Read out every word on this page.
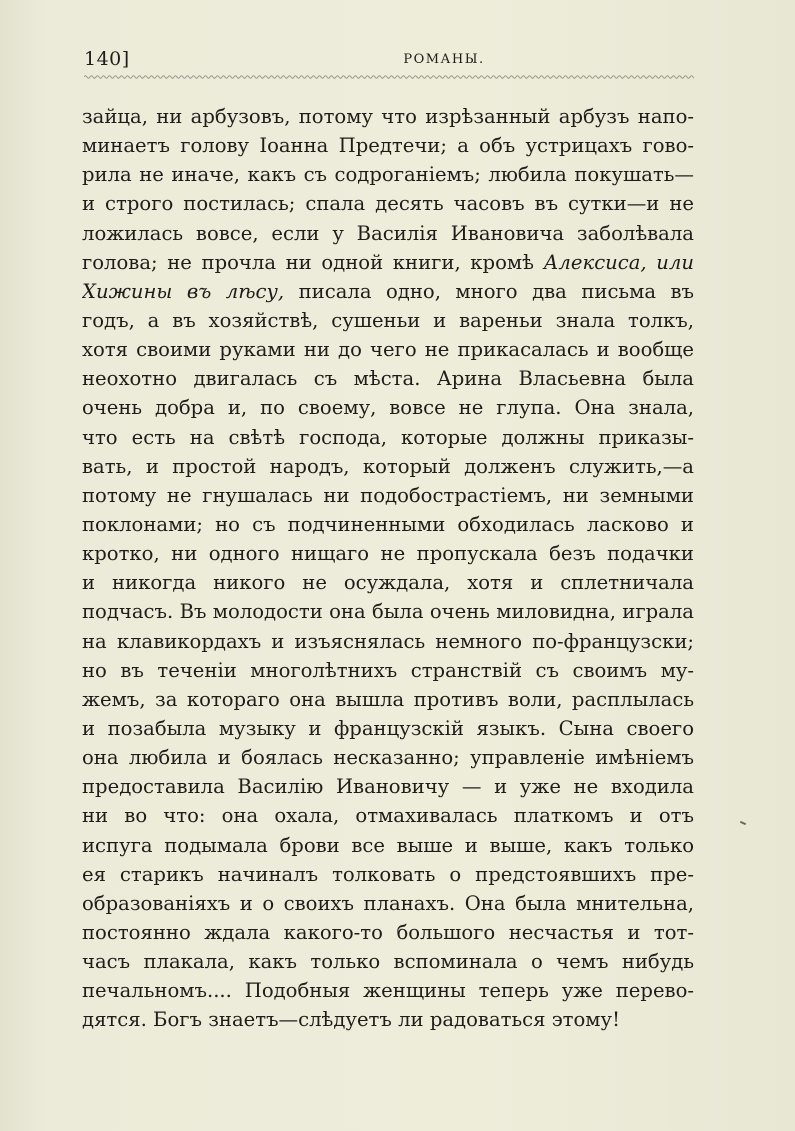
140]	РОМАНЫ.
зайца, ни арбузовъ, потому что изрѣзанный арбузъ напо-
минаетъ голову Іоанна Предтечи; а объ устрицахъ гово-
рила не иначе, какъ съ содроганіемъ; любила покушать—
и строго постилась; спала десять часовъ въ сутки—и не
ложилась вовсе, если у Василія Ивановича заболѣвала
голова; не прочла ни одной книги, кромѣ Алексиса, или
Хижины въ лѣсу, писала одно, много два письма въ
годъ, а въ хозяйствѣ, сушеньи и вареньи знала толкъ,
хотя своими руками ни до чего не прикасалась и вообще
неохотно двигалась съ мѣста. Арина Власьевна была
очень добра и, по своему, вовсе не глупа. Она знала,
что есть на свѣтѣ господа, которые должны приказы-
вать, и простой народъ, который долженъ служить,—а
потому не гнушалась ни подобострастіемъ, ни земными
поклонами; но съ подчиненными обходилась ласково и
кротко, ни одного нищаго не пропускала безъ подачки
и никогда никого не осуждала, хотя и сплетничала
подчасъ. Въ молодости она была очень миловидна, играла
на клавикордахъ и изъяснялась немного по-французски;
но въ теченіи многолѣтнихъ странствій съ своимъ му-
жемъ, за котораго она вышла противъ воли, расплылась
и позабыла музыку и французскій языкъ. Сына своего
она любила и боялась несказанно; управленіе имѣніемъ
предоставила Василію Ивановичу — и уже не входила
ни во что: она охала, отмахивалась платкомъ и отъ
испуга подымала брови все выше и выше, какъ только
ея старикъ начиналъ толковать о предстоявшихъ пре-
образованіяхъ и о своихъ планахъ. Она была мнительна,
постоянно ждала какого-то большого несчастья и тот-
часъ плакала, какъ только вспоминала о чемъ нибудь
печальномъ.... Подобныя женщины теперь уже перево-
дятся. Богъ знаетъ—слѣдуетъ ли радоваться этому!
